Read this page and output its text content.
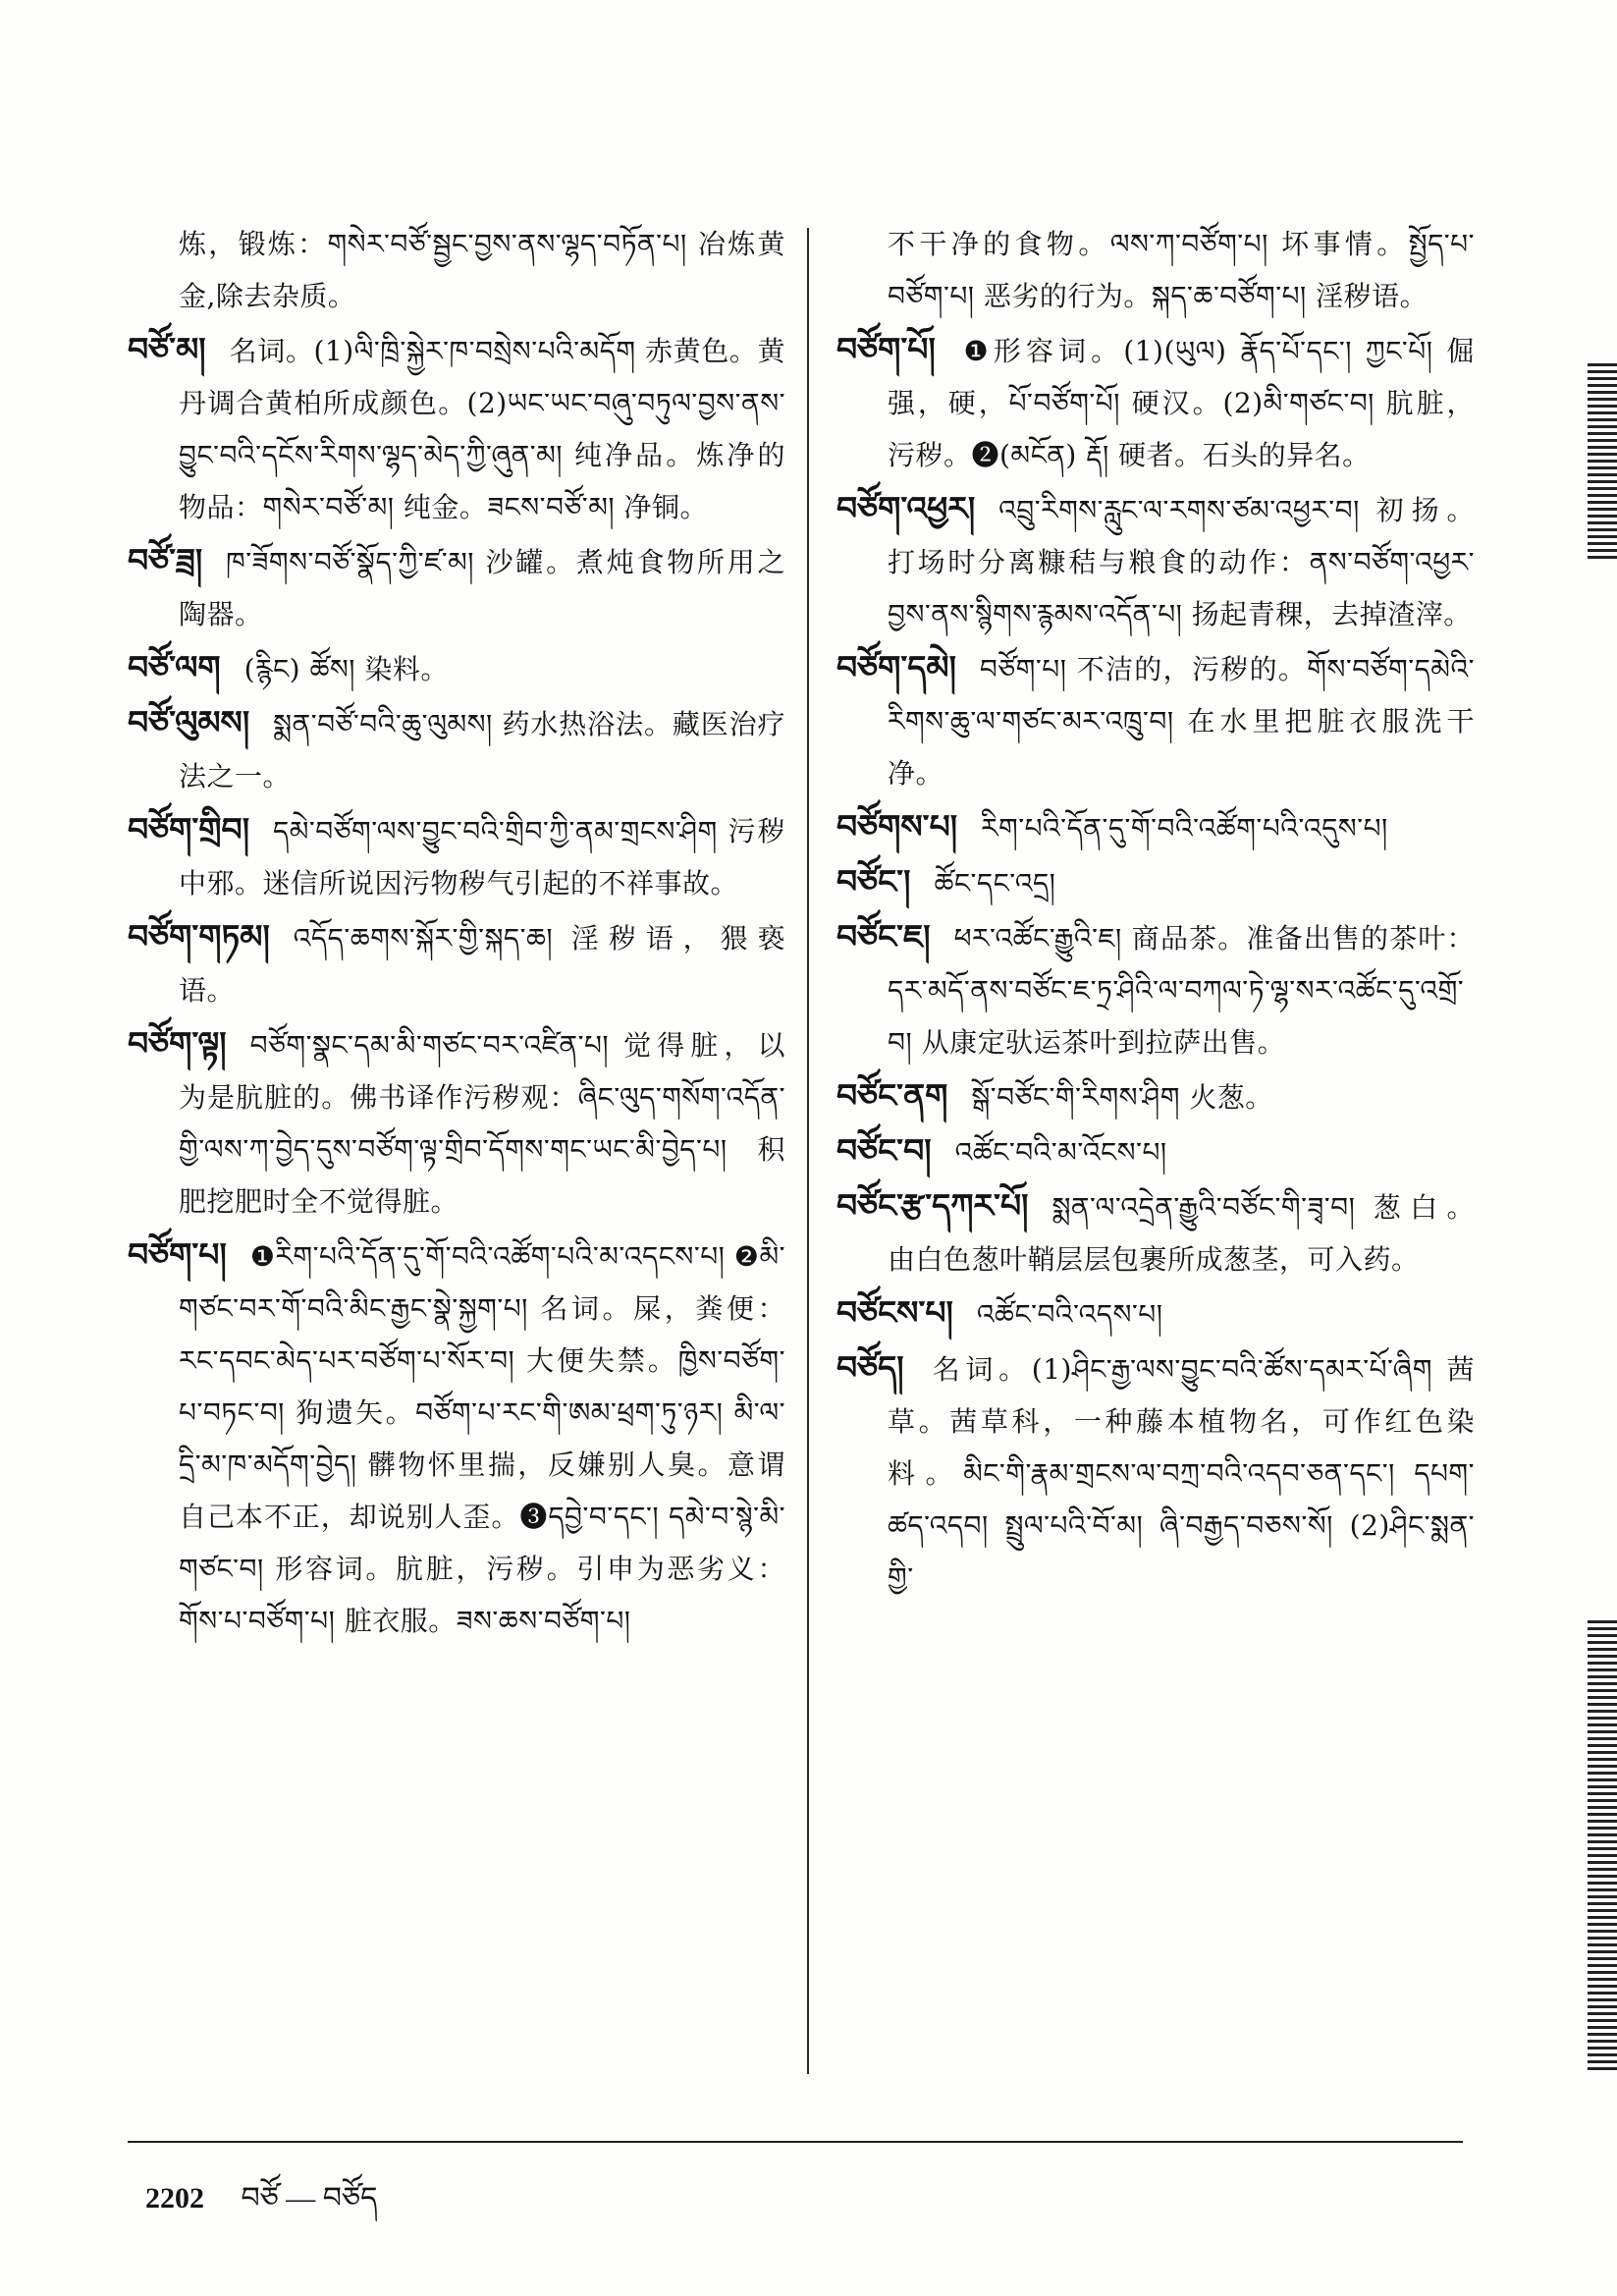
炼，锻炼：གསེར་བཙོ་སྦྱང་བྱས་ནས་ལྷད་བཏོན་པ། 冶炼黄金,除去杂质。

བཙོ་མ། 名词。(1)ལི་ཁྲི་སྐྱེར་ཁ་བསྲེས་པའི་མདོག 赤黄色。黄丹调合黄柏所成颜色。(2)ཡང་ཡང་བཞུ་བཏུལ་བྱས་ནས་བྱུང་བའི་དངོས་རིགས་ལྷད་མེད་ཀྱི་ཞུན་མ། 纯净品。炼净的物品：གསེར་བཙོ་མ། 纯金。ཟངས་བཙོ་མ། 净铜。

བཙོ་ཟྲ། ཁ་ཟོགས་བཙོ་སྣོད་ཀྱི་ཛ་མ། 沙罐。煮炖食物所用之陶器。

བཙོ་ལག (རྙིང) ཚོས། 染料。

བཙོ་ལུམས། སྨན་བཙོ་བའི་ཆུ་ལུམས། 药水热浴法。藏医治疗法之一。

བཙོག་གྲིབ། དམེ་བཙོག་ལས་བྱུང་བའི་གྲིབ་ཀྱི་ནམ་གྲངས་ཤིག 污秽中邪。迷信所说因污物秽气引起的不祥事故。

བཙོག་གཏམ། འདོད་ཆགས་སྐོར་གྱི་སྐད་ཆ། 淫秽语，猥亵语。

བཙོག་ལྟ། བཙོག་སྣང་དམ་མི་གཙང་བར་འཛིན་པ། 觉得脏，以为是肮脏的。佛书译作污秽观：ཞིང་ལུད་གསོག་འདོན་གྱི་ལས་ཀ་བྱེད་དུས་བཙོག་ལྟ་གྲིབ་དོགས་གང་ཡང་མི་བྱེད་པ། 积肥挖肥时全不觉得脏。

བཙོག་པ། ❶རིག་པའི་དོན་དུ་གོ་བའི་འཚོག་པའི་མ་འདངས་པ། ❷མི་གཙང་བར་གོ་བའི་མིང་རྒྱང་སྣེ་སྐྱག་པ། 名词。屎，粪便：རང་དབང་མེད་པར་བཙོག་པ་སོར་བ། 大便失禁。ཁྱིས་བཙོག་པ་བཏང་བ། 狗遗矢。བཙོག་པ་རང་གི་ཨམ་ཕྲག་ཏུ་ཉར། མི་ལ་དྲི་མ་ཁ་མདོག་བྱེད། 髒物怀里揣，反嫌别人臭。意谓自己本不正，却说别人歪。❸དབྱེ་བ་དང་། དམེ་བ་སྙེ་མི་གཙང་བ། 形容词。肮脏，污秽。引申为恶劣义：གོས་པ་བཙོག་པ། 脏衣服。ཟས་ཆས་བཙོག་པ།

不干净的食物。ལས་ཀ་བཙོག་པ། 坏事情。སྤྱོད་པ་བཙོག་པ། 恶劣的行为。སྐད་ཆ་བཙོག་པ། 淫秽语。

བཙོག་པོ། ❶形容词。(1)(ཡུལ) རྣོད་པོ་དང་། ཀྱང་པོ། 倔强，硬，པོ་བཙོག་པོ། 硬汉。(2)མི་གཙང་བ། 肮脏，污秽。❷(མངོན) རྡོ། 硬者。石头的异名。

བཙོག་འཕྱར། འབྲུ་རིགས་རླུང་ལ་རགས་ཙམ་འཕྱར་བ། 初扬。打场时分离糠秸与粮食的动作：ནས་བཙོག་འཕྱར་བྱས་ནས་སྙིགས་རྙམས་འདོན་པ། 扬起青稞，去掉渣滓。

བཙོག་དམེ། བཙོག་པ། 不洁的，污秽的。གོས་བཙོག་དམེའི་རིགས་ཆུ་ལ་གཙང་མར་འཁྲུ་བ། 在水里把脏衣服洗干净。

བཙོགས་པ། རིག་པའི་དོན་དུ་གོ་བའི་འཚོག་པའི་འདུས་པ།

བཙོང་། ཚོང་དང་འདྲ།

བཙོང་ཇ། ཕར་འཚོང་རྒྱུའི་ཇ། 商品茶。准备出售的茶叶：དར་མདོ་ནས་བཙོང་ཇ་ཏྲ་ཤིའི་ལ་བཀལ་ཏེ་ལྷ་སར་འཚོང་དུ་འགྲོ་བ། 从康定驮运茶叶到拉萨出售。

བཙོང་ནག སྒོ་བཙོང་གི་རིགས་ཤིག 火葱。

བཙོང་བ། འཚོང་བའི་མ་འོངས་པ།

བཙོང་རྩ་དཀར་པོ། སྨན་ལ་འདྲེན་རྒྱུའི་བཙོང་གི་ཟྭ་བ། 葱白。由白色葱叶鞘层层包裹所成葱茎，可入药。

བཙོངས་པ། འཚོང་བའི་འདས་པ།

བཙོད། 名词。(1)ཤིང་རྒྱ་ལས་བྱུང་བའི་ཚོས་དམར་པོ་ཞིག 茜草。茜草科，一种藤本植物名，可作红色染料。མིང་གི་རྣམ་གྲངས་ལ་བཀྲ་བའི་འདབ་ཅན་དང་། དཔག་ཚད་འདབ། སྤྲུལ་པའི་བོ་མ། ཞི་བརྒྱད་བཅས་སོ། (2)ཤིང་སྨན་གྱི་

2202 བཙོ — བཙོད
